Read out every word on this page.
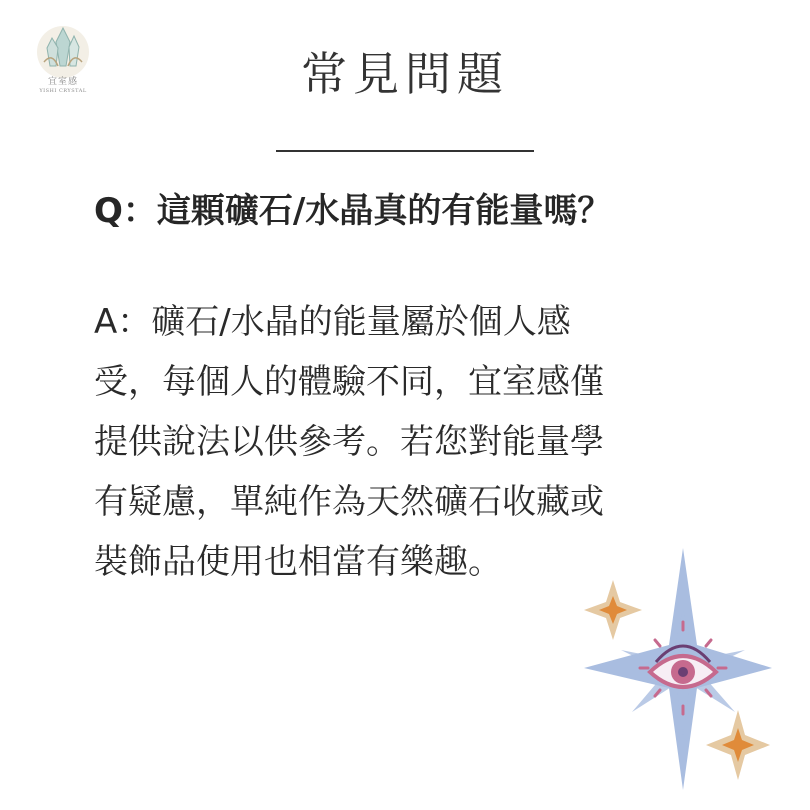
宜室感
YISHI CRYSTAL	常見問題
Q：這顆礦石/水晶真的有能量嗎？
A：礦石/水晶的能量屬於個人感
受，每個人的體驗不同，宜室感僅
提供說法以供參考。若您對能量學
有疑慮，單純作為天然礦石收藏或
裝飾品使用也相當有樂趣。
